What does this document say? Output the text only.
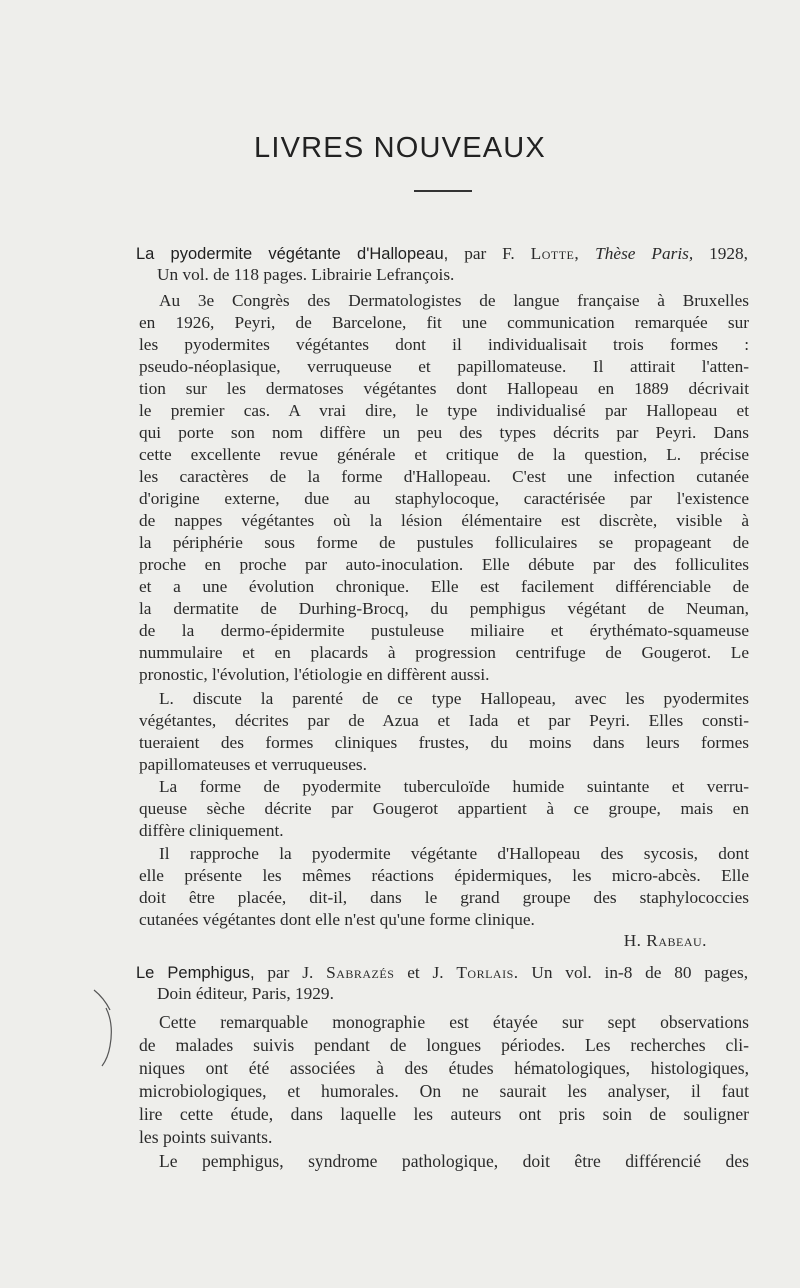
LIVRES NOUVEAUX
La pyodermite végétante d'Hallopeau, par F. Lotte, Thèse Paris, 1928,
Un vol. de 118 pages. Librairie Lefrançois.
Au 3e Congrès des Dermatologistes de langue française à Bruxelles
en 1926, Peyri, de Barcelone, fit une communication remarquée sur
les pyodermites végétantes dont il individualisait trois formes :
pseudo-néoplasique, verruqueuse et papillomateuse. Il attirait l'atten-
tion sur les dermatoses végétantes dont Hallopeau en 1889 décrivait
le premier cas. A vrai dire, le type individualisé par Hallopeau et
qui porte son nom diffère un peu des types décrits par Peyri. Dans
cette excellente revue générale et critique de la question, L. précise
les caractères de la forme d'Hallopeau. C'est une infection cutanée
d'origine externe, due au staphylocoque, caractérisée par l'existence
de nappes végétantes où la lésion élémentaire est discrète, visible à
la périphérie sous forme de pustules folliculaires se propageant de
proche en proche par auto-inoculation. Elle débute par des folliculites
et a une évolution chronique. Elle est facilement différenciable de
la dermatite de Durhing-Brocq, du pemphigus végétant de Neuman,
de la dermo-épidermite pustuleuse miliaire et érythémato-squameuse
nummulaire et en placards à progression centrifuge de Gougerot. Le
pronostic, l'évolution, l'étiologie en diffèrent aussi.
L. discute la parenté de ce type Hallopeau, avec les pyodermites
végétantes, décrites par de Azua et Iada et par Peyri. Elles consti-
tueraient des formes cliniques frustes, du moins dans leurs formes
papillomateuses et verruqueuses.
La forme de pyodermite tuberculoïde humide suintante et verru-
queuse sèche décrite par Gougerot appartient à ce groupe, mais en
diffère cliniquement.
Il rapproche la pyodermite végétante d'Hallopeau des sycosis, dont
elle présente les mêmes réactions épidermiques, les micro-abcès. Elle
doit être placée, dit-il, dans le grand groupe des staphylococcies
cutanées végétantes dont elle n'est qu'une forme clinique.
H. Rabeau.
Le Pemphigus, par J. Sabrazés et J. Torlais. Un vol. in-8 de 80 pages,
Doin éditeur, Paris, 1929.
Cette remarquable monographie est étayée sur sept observations
de malades suivis pendant de longues périodes. Les recherches cli-
niques ont été associées à des études hématologiques, histologiques,
microbiologiques, et humorales. On ne saurait les analyser, il faut
lire cette étude, dans laquelle les auteurs ont pris soin de souligner
les points suivants.
Le pemphigus, syndrome pathologique, doit être différencié des
